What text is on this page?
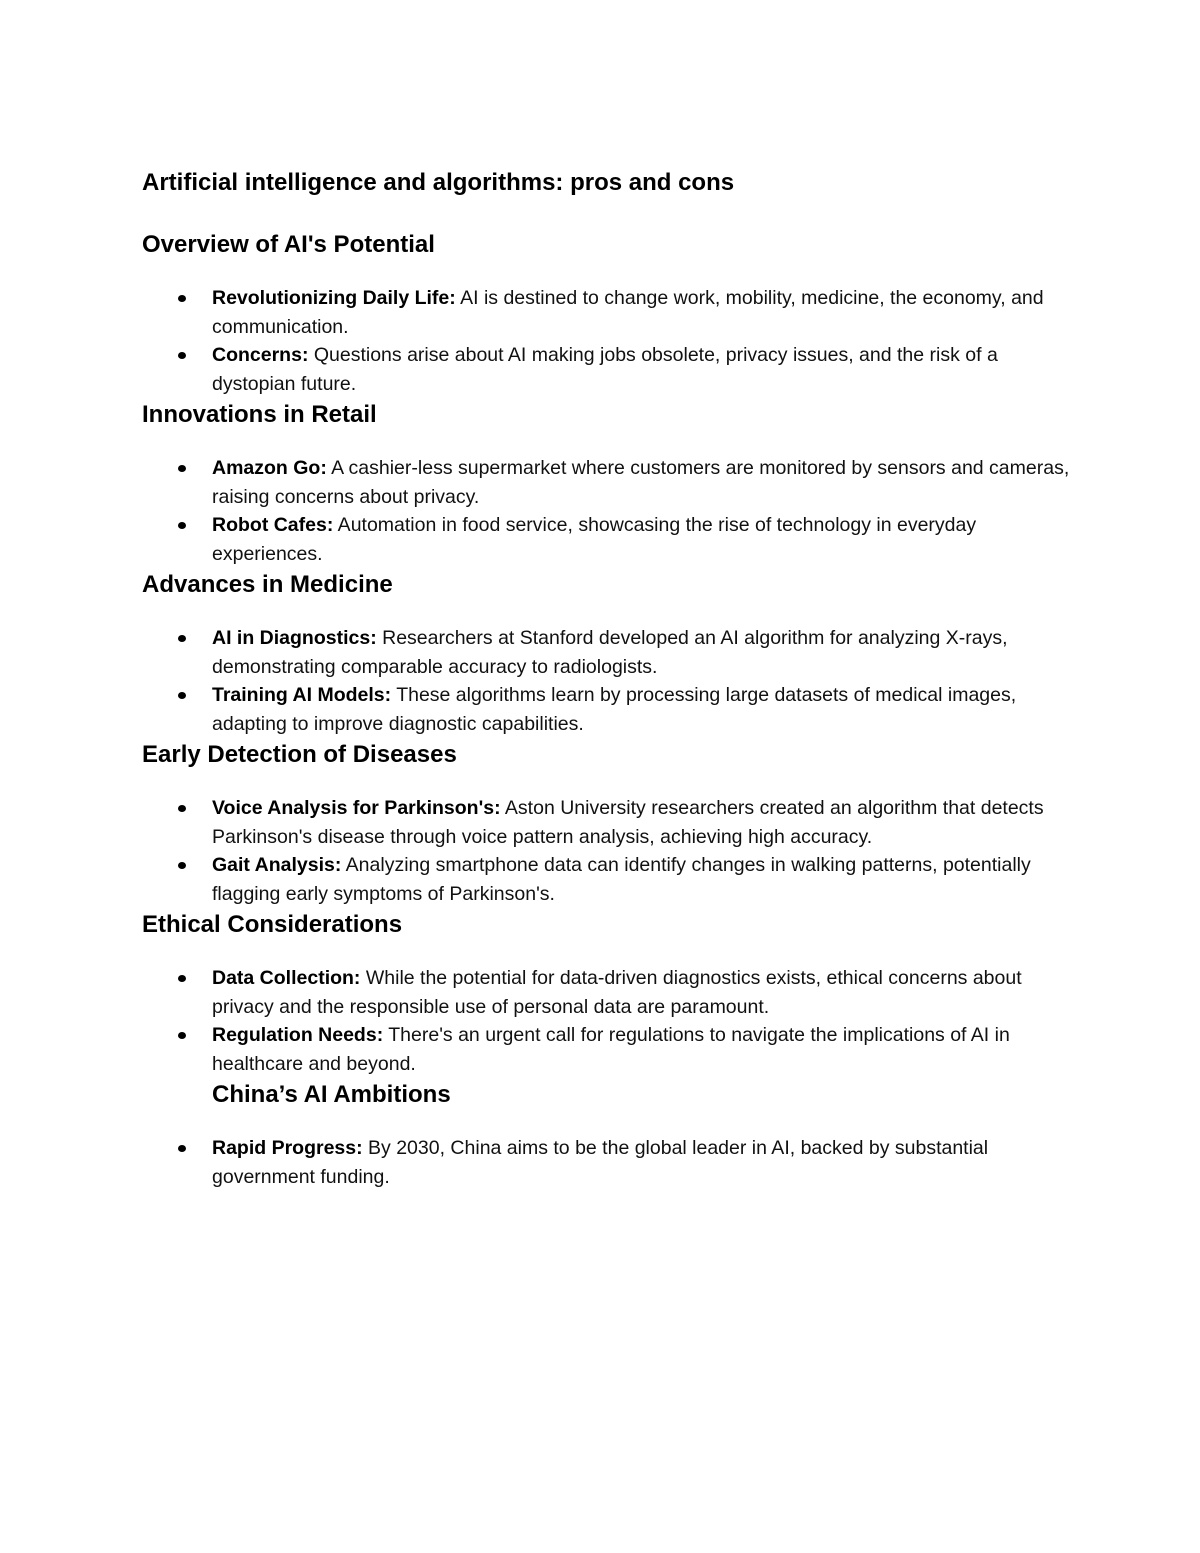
Artificial intelligence and algorithms: pros and cons
Overview of AI's Potential
Revolutionizing Daily Life: AI is destined to change work, mobility, medicine, the economy, and communication.
Concerns: Questions arise about AI making jobs obsolete, privacy issues, and the risk of a dystopian future.
Innovations in Retail
Amazon Go: A cashier-less supermarket where customers are monitored by sensors and cameras, raising concerns about privacy.
Robot Cafes: Automation in food service, showcasing the rise of technology in everyday experiences.
Advances in Medicine
AI in Diagnostics: Researchers at Stanford developed an AI algorithm for analyzing X-rays, demonstrating comparable accuracy to radiologists.
Training AI Models: These algorithms learn by processing large datasets of medical images, adapting to improve diagnostic capabilities.
Early Detection of Diseases
Voice Analysis for Parkinson's: Aston University researchers created an algorithm that detects Parkinson's disease through voice pattern analysis, achieving high accuracy.
Gait Analysis: Analyzing smartphone data can identify changes in walking patterns, potentially flagging early symptoms of Parkinson's.
Ethical Considerations
Data Collection: While the potential for data-driven diagnostics exists, ethical concerns about privacy and the responsible use of personal data are paramount.
Regulation Needs: There's an urgent call for regulations to navigate the implications of AI in healthcare and beyond.
China’s AI Ambitions
Rapid Progress: By 2030, China aims to be the global leader in AI, backed by substantial government funding.
